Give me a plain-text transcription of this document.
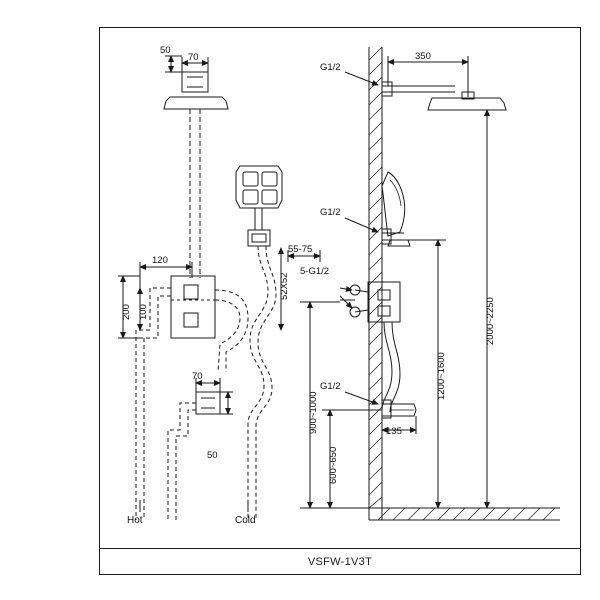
VSFW-1V3T
50
70
G1/2
350
120
200 100
52X52
55-75
5-G1/2
G1/2
G1/2
2000~2250
1200~1600
900~1000
600~650
135
70
50
Hot	Cold
